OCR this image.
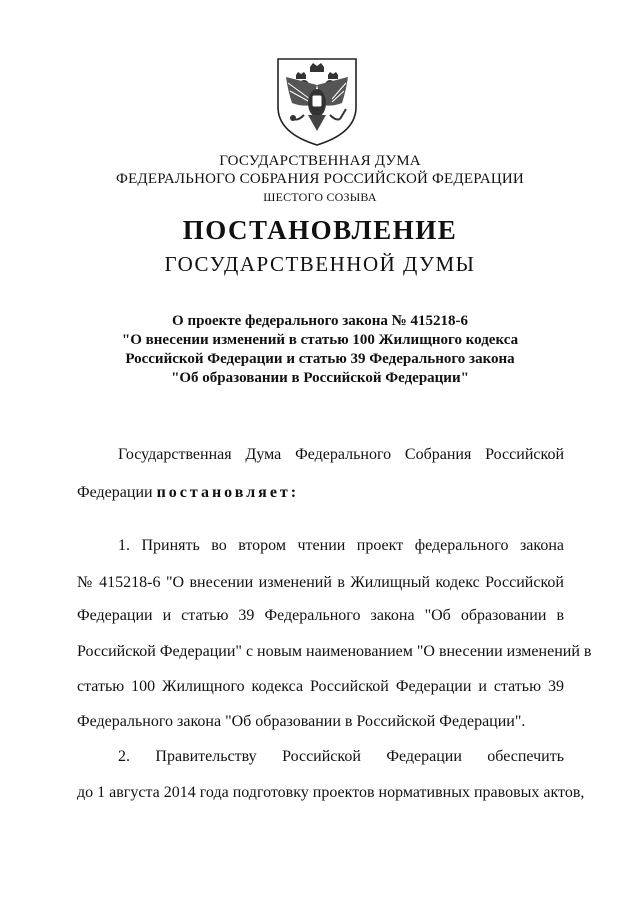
ГОСУДАРСТВЕННАЯ ДУМА
ФЕДЕРАЛЬНОГО СОБРАНИЯ РОССИЙСКОЙ ФЕДЕРАЦИИ
ШЕСТОГО СОЗЫВА
ПОСТАНОВЛЕНИЕ
ГОСУДАРСТВЕННОЙ ДУМЫ
О проекте федерального закона № 415218-6
"О внесении изменений в статью 100 Жилищного кодекса
Российской Федерации и статью 39 Федерального закона
"Об образовании в Российской Федерации"
Государственная Дума Федерального Собрания Российской
Федерации постановляет:
1. Принять во втором чтении проект федерального закона
№ 415218-6 "О внесении изменений в Жилищный кодекс Российской
Федерации и статью 39 Федерального закона "Об образовании в
Российской Федерации" с новым наименованием "О внесении изменений в
статью 100 Жилищного кодекса Российской Федерации и статью 39
Федерального закона "Об образовании в Российской Федерации".
2. Правительству Российской Федерации обеспечить
до 1 августа 2014 года подготовку проектов нормативных правовых актов,
